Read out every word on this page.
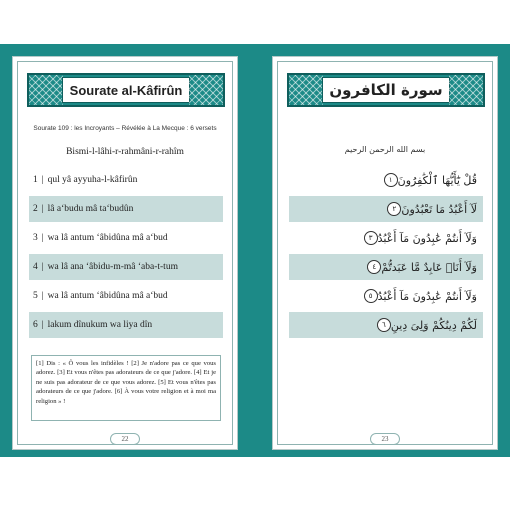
Sourate al-Kâfirûn
Sourate 109 : les Incroyants – Révélée à La Mecque : 6 versets
Bismi-l-lâhi-r-rahmâni-r-rahîm
1 | qul yâ ayyuha-l-kâfirûn
2 | lâ aʻbudu mâ taʻbudûn
3 | wa lâ antum ʻâbidûna mâ aʻbud
4 | wa lâ ana ʻâbidu-m-mâ ʻaba-t-tum
5 | wa lâ antum ʻâbidûna mâ aʻbud
6 | lakum dînukum wa liya dîn
[1] Dis : « Ô vous les infidèles ! [2] Je n'adore pas ce que vous adorez. [3] Et vous n'êtes pas adorateurs de ce que j'adore. [4] Et je ne suis pas adorateur de ce que vous adorez. [5] Et vous n'êtes pas adorateurs de ce que j'adore. [6] À vous votre religion et à moi ma religion » !
22
سورة الكافرون
بسم الله الرحمن الرحيم
قُلْ يَٰٓأَيُّهَا ٱلْكَٰفِرُونَ
١
لَآ أَعْبُدُ مَا تَعْبُدُونَ
٢
وَلَآ أَنتُمْ عَٰبِدُونَ مَآ أَعْبُدُ
٣
وَلَآ أَنَا۠ عَابِدٌ مَّا عَبَدتُّمْ
٤
وَلَآ أَنتُمْ عَٰبِدُونَ مَآ أَعْبُدُ
٥
لَكُمْ دِينُكُمْ وَلِىَ دِينِ
٦
23
